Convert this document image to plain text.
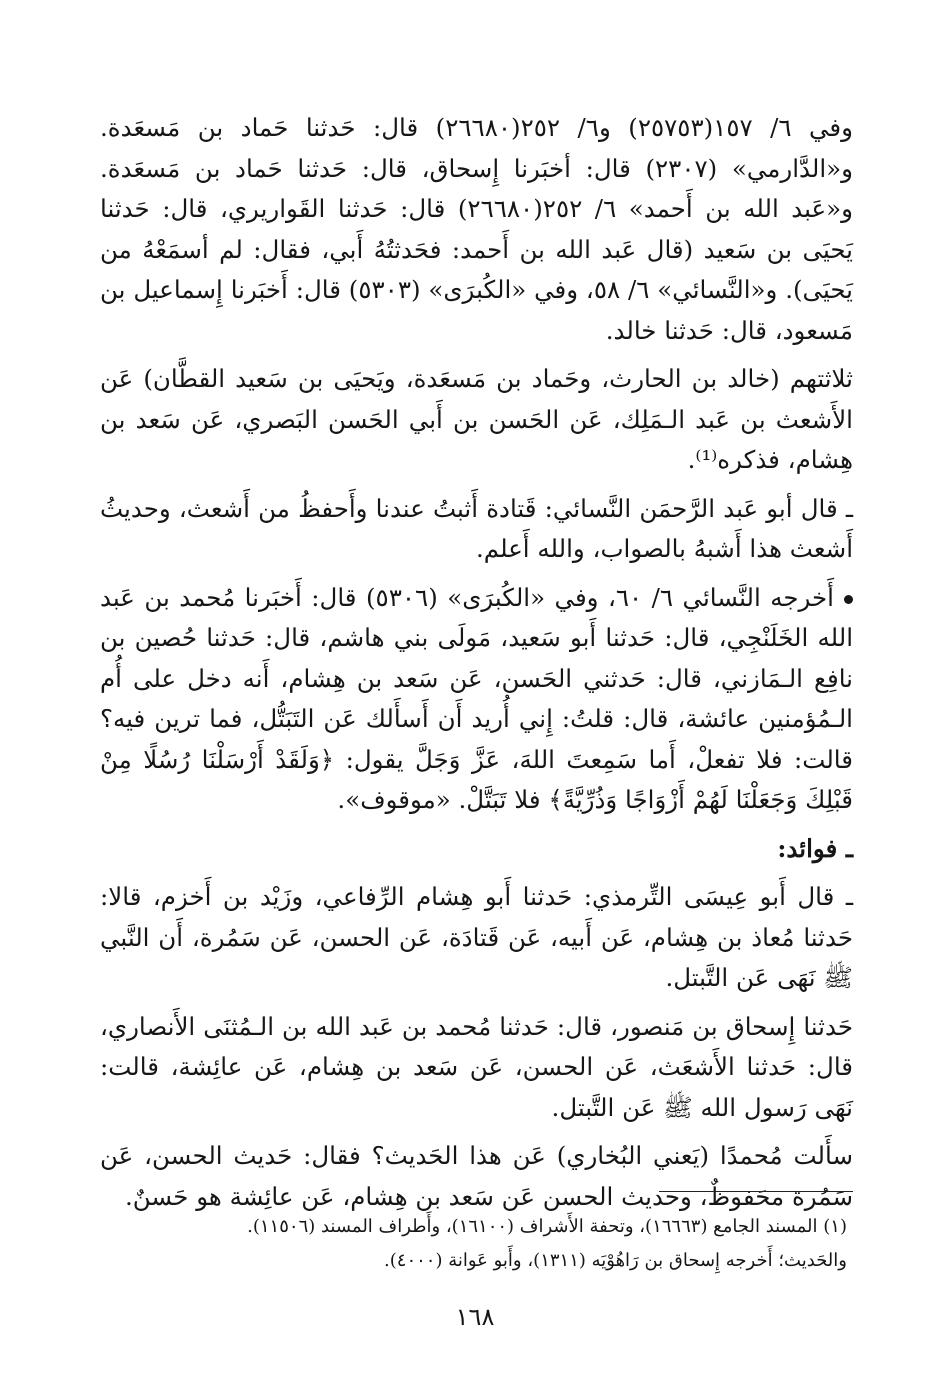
وفي ٦/ ١٥٧(٢٥٧٥٣) و٦/ ٢٥٢(٢٦٦٨٠) قال: حَدثنا حَماد بن مَسعَدة. و«الدَّارمي» (٢٣٠٧) قال: أخبَرنا إِسحاق، قال: حَدثنا حَماد بن مَسعَدة. و«عَبد الله بن أَحمد» ٦/ ٢٥٢(٢٦٦٨٠) قال: حَدثنا القَواريري، قال: حَدثنا يَحيَى بن سَعيد (قال عَبد الله بن أَحمد: فحَدثتُهُ أَبي، فقال: لم أسمَعْهُ من يَحيَى). و«النَّسائي» ٦/ ٥٨، وفي «الكُبرَى» (٥٣٠٣) قال: أَخبَرنا إِسماعيل بن مَسعود، قال: حَدثنا خالد.

ثلاثتهم (خالد بن الحارث، وحَماد بن مَسعَدة، ويَحيَى بن سَعيد القطَّان) عَن الأَشعث بن عَبد الـمَلِك، عَن الحَسن بن أَبي الحَسن البَصري، عَن سَعد بن هِشام، فذكره⁽¹⁾.

ـ قال أبو عَبد الرَّحمَن النَّسائي: قَتادة أَثبتُ عندنا وأَحفظُ من أَشعث، وحديثُ أَشعث هذا أَشبهُ بالصواب، والله أَعلم.

أَخرجه النَّسائي ٦/ ٦٠، وفي «الكُبرَى» (٥٣٠٦) قال: أَخبَرنا مُحمد بن عَبد الله الخَلَنْجِي، قال: حَدثنا أَبو سَعيد، مَولَى بني هاشم، قال: حَدثنا حُصين بن نافِع الـمَازني، قال: حَدثني الحَسن، عَن سَعد بن هِشام، أَنه دخل على أُم الـمُؤمنين عائشة، قال: قلتُ: إِني أُريد أَن أَسأَلك عَن التَبَتُّل، فما ترين فيه؟ قالت: فلا تفعلْ، أَما سَمِعتَ اللهَ، عَزَّ وَجَلَّ يقول: ﴿وَلَقَدْ أَرْسَلْنَا رُسُلًا مِنْ قَبْلِكَ وَجَعَلْنَا لَهُمْ أَزْوَاجًا وَذُرِّيَّةً﴾ فلا تَبَتَّلْ. «موقوف».

ـ فوائد:

ـ قال أَبو عِيسَى التِّرمذي: حَدثنا أَبو هِشام الرِّفاعي، وزَيْد بن أَخزم، قالا: حَدثنا مُعاذ بن هِشام، عَن أَبيه، عَن قَتادَة، عَن الحسن، عَن سَمُرة، أَن النَّبي ﷺ نَهَى عَن التَّبتل.

حَدثنا إِسحاق بن مَنصور، قال: حَدثنا مُحمد بن عَبد الله بن الـمُثنَى الأَنصاري، قال: حَدثنا الأَشعَث، عَن الحسن، عَن سَعد بن هِشام، عَن عائِشة، قالت: نَهَى رَسول الله ﷺ عَن التَّبتل.

سأَلت مُحمدًا (يَعني البُخاري) عَن هذا الحَديث؟ فقال: حَديث الحسن، عَن سَمُرة محَفوظٌ، وحديث الحسن عَن سَعد بن هِشام، عَن عائِشة هو حَسنٌ.

(١) المسند الجامع (١٦٦٦٣)، وتحفة الأَشراف (١٦١٠٠)، وأَطراف المسند (١١٥٠٦).

والحَديث؛ أَخرجه إِسحاق بن رَاهُوْيَه (١٣١١)، وأَبو عَوانة (٤٠٠٠).

١٦٨
